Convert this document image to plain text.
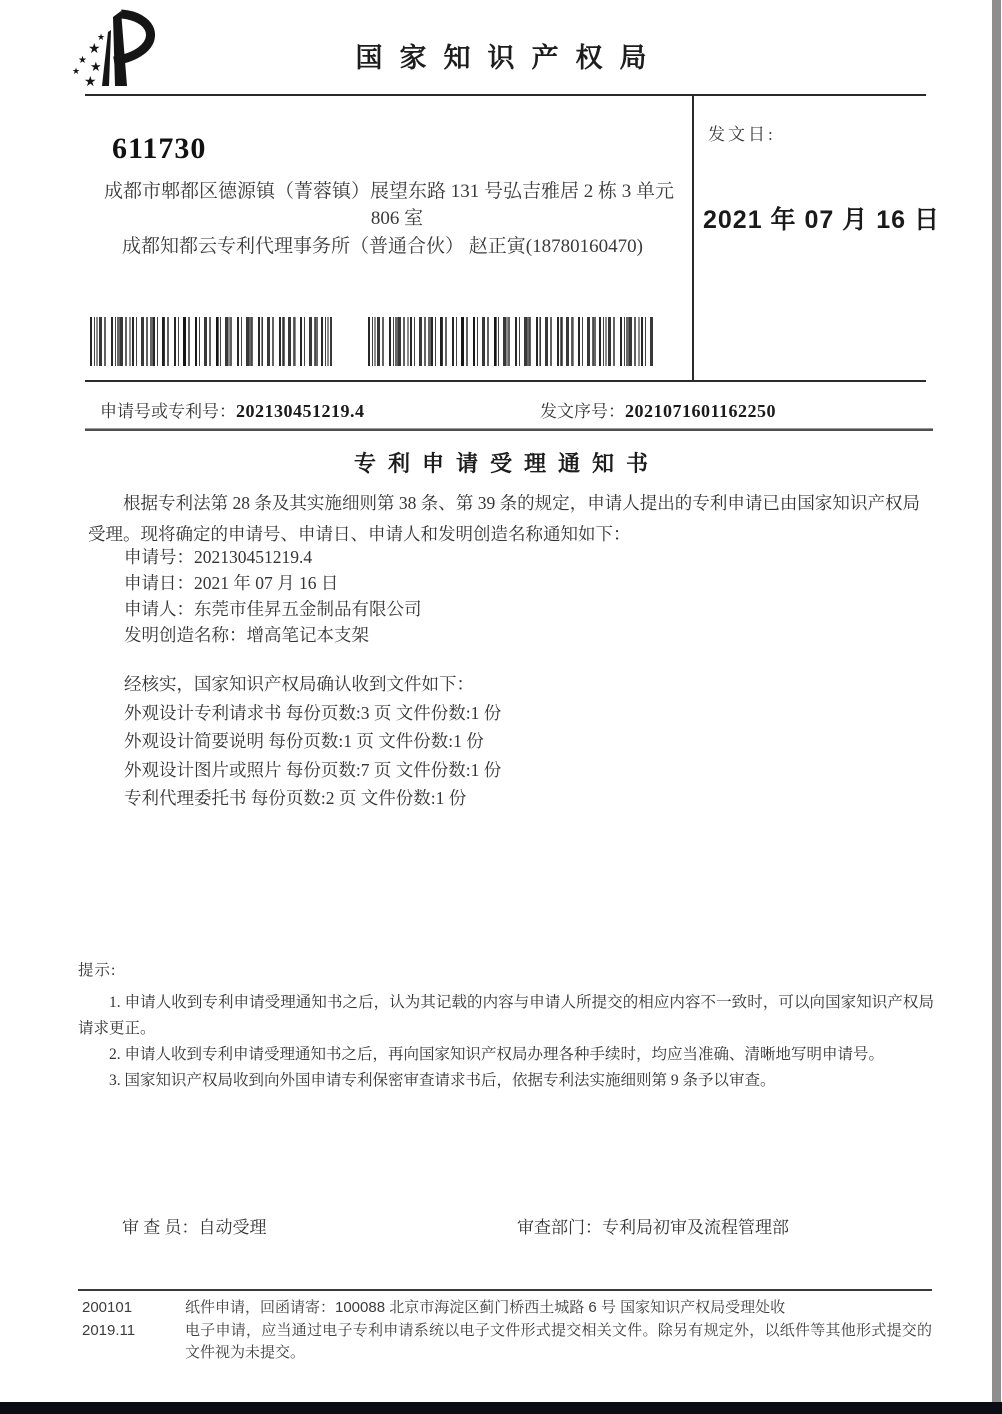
★
★
★ ★
★
★
国家知识产权局
611730
成都市郫都区德源镇（菁蓉镇）展望东路 131 号弘吉雅居 2 栋 3 单元
806 室
成都知都云专利代理事务所（普通合伙） 赵正寅(18780160470)
发文日:
2021 年 07 月 16 日
申请号或专利号：202130451219.4	发文序号：2021071601162250
专利申请受理通知书

根据专利法第 28 条及其实施细则第 38 条、第 39 条的规定，申请人提出的专利申请已由国家知识产权局受理。现将确定的申请号、申请日、申请人和发明创造名称通知如下：

申请号：202130451219.4
申请日：2021 年 07 月 16 日
申请人：东莞市佳昇五金制品有限公司
发明创造名称：增高笔记本支架
经核实，国家知识产权局确认收到文件如下：
外观设计专利请求书 每份页数:3 页 文件份数:1 份
外观设计简要说明 每份页数:1 页 文件份数:1 份
外观设计图片或照片 每份页数:7 页 文件份数:1 份
专利代理委托书 每份页数:2 页 文件份数:1 份
提示:

1. 申请人收到专利申请受理通知书之后，认为其记载的内容与申请人所提交的相应内容不一致时，可以向国家知识产权局请求更正。

2. 申请人收到专利申请受理通知书之后，再向国家知识产权局办理各种手续时，均应当准确、清晰地写明申请号。

3. 国家知识产权局收到向外国申请专利保密审查请求书后，依据专利法实施细则第 9 条予以审查。

审 查 员：自动受理	审查部门：专利局初审及流程管理部
200101
2019.11

纸件申请，回函请寄：100088 北京市海淀区蓟门桥西土城路 6 号 国家知识产权局受理处收

电子申请，应当通过电子专利申请系统以电子文件形式提交相关文件。除另有规定外，以纸件等其他形式提交的文件视为未提交。
